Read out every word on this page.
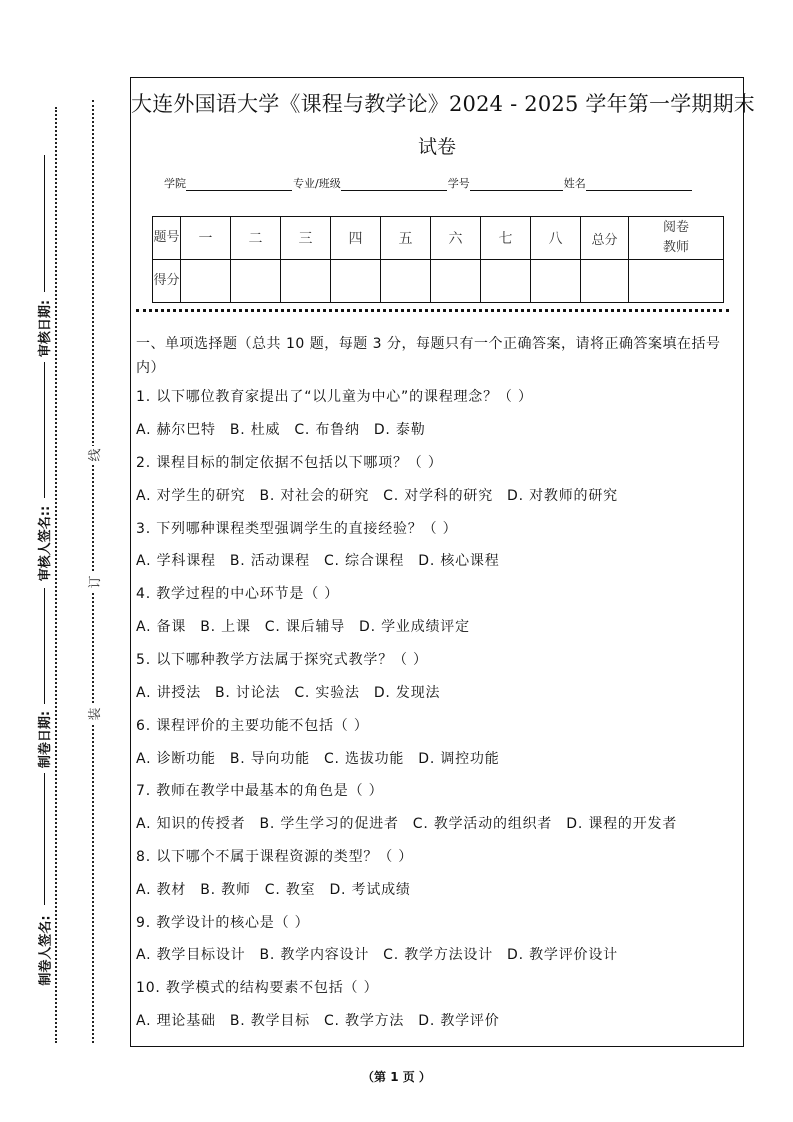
线
订
装
审核日期:
审核人签名::
制卷日期:
制卷人签名:
大连外国语大学《课程与教学论》2024 - 2025 学年第一学期期末
试卷
学院	专业/班级	学号	姓名
题号	一	二	三	四	五	六	七	八	总分	阅卷
教师
得分										
一、单项选择题（总共 10 题，每题 3 分，每题只有一个正确答案，请将正确答案填在括号内）
1. 以下哪位教育家提出了“以儿童为中心”的课程理念？（ ）
A. 赫尔巴特 B. 杜威 C. 布鲁纳 D. 泰勒
2. 课程目标的制定依据不包括以下哪项？（ ）
A. 对学生的研究 B. 对社会的研究 C. 对学科的研究 D. 对教师的研究
3. 下列哪种课程类型强调学生的直接经验？（ ）
A. 学科课程 B. 活动课程 C. 综合课程 D. 核心课程
4. 教学过程的中心环节是（ ）
A. 备课 B. 上课 C. 课后辅导 D. 学业成绩评定
5. 以下哪种教学方法属于探究式教学？（ ）
A. 讲授法 B. 讨论法 C. 实验法 D. 发现法
6. 课程评价的主要功能不包括（ ）
A. 诊断功能 B. 导向功能 C. 选拔功能 D. 调控功能
7. 教师在教学中最基本的角色是（ ）
A. 知识的传授者 B. 学生学习的促进者 C. 教学活动的组织者 D. 课程的开发者
8. 以下哪个不属于课程资源的类型？（ ）
A. 教材 B. 教师 C. 教室 D. 考试成绩
9. 教学设计的核心是（ ）
A. 教学目标设计 B. 教学内容设计 C. 教学方法设计 D. 教学评价设计
10. 教学模式的结构要素不包括（ ）
A. 理论基础 B. 教学目标 C. 教学方法 D. 教学评价
（第 1 页 ）
